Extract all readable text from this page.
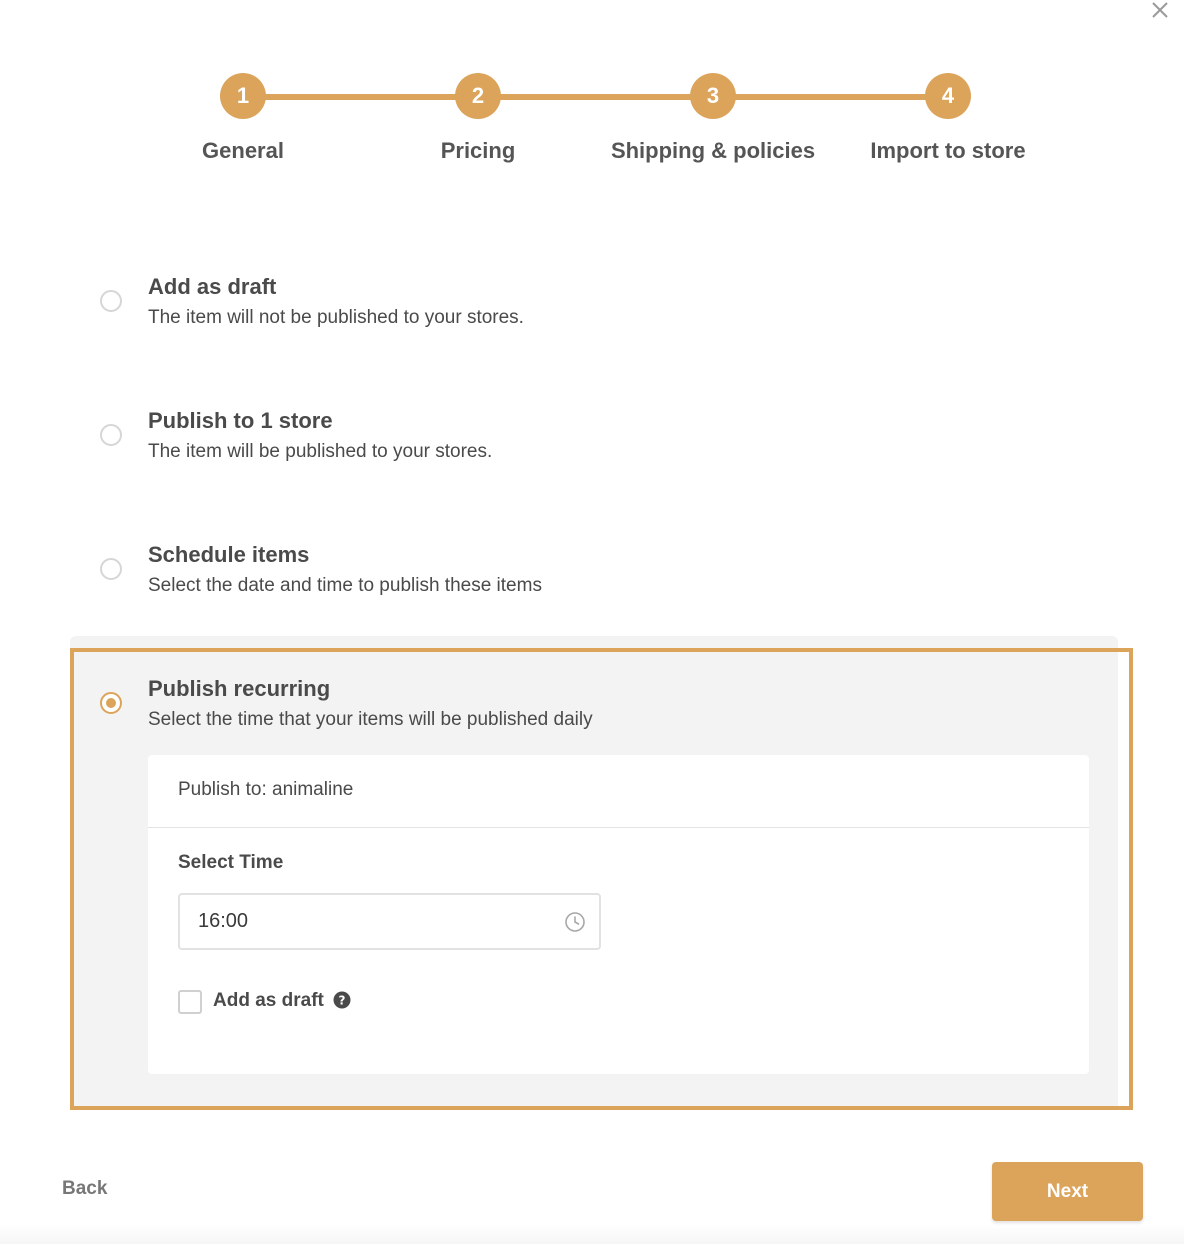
1	2	3	4
General	Pricing	Shipping & policies	Import to store
Add as draft
The item will not be published to your stores.
Publish to 1 store
The item will be published to your stores.
Schedule items
Select the date and time to publish these items
Publish recurring
Select the time that your items will be published daily
Publish to: animaline
Select Time
16:00
Add as draft ?
Back	Next
